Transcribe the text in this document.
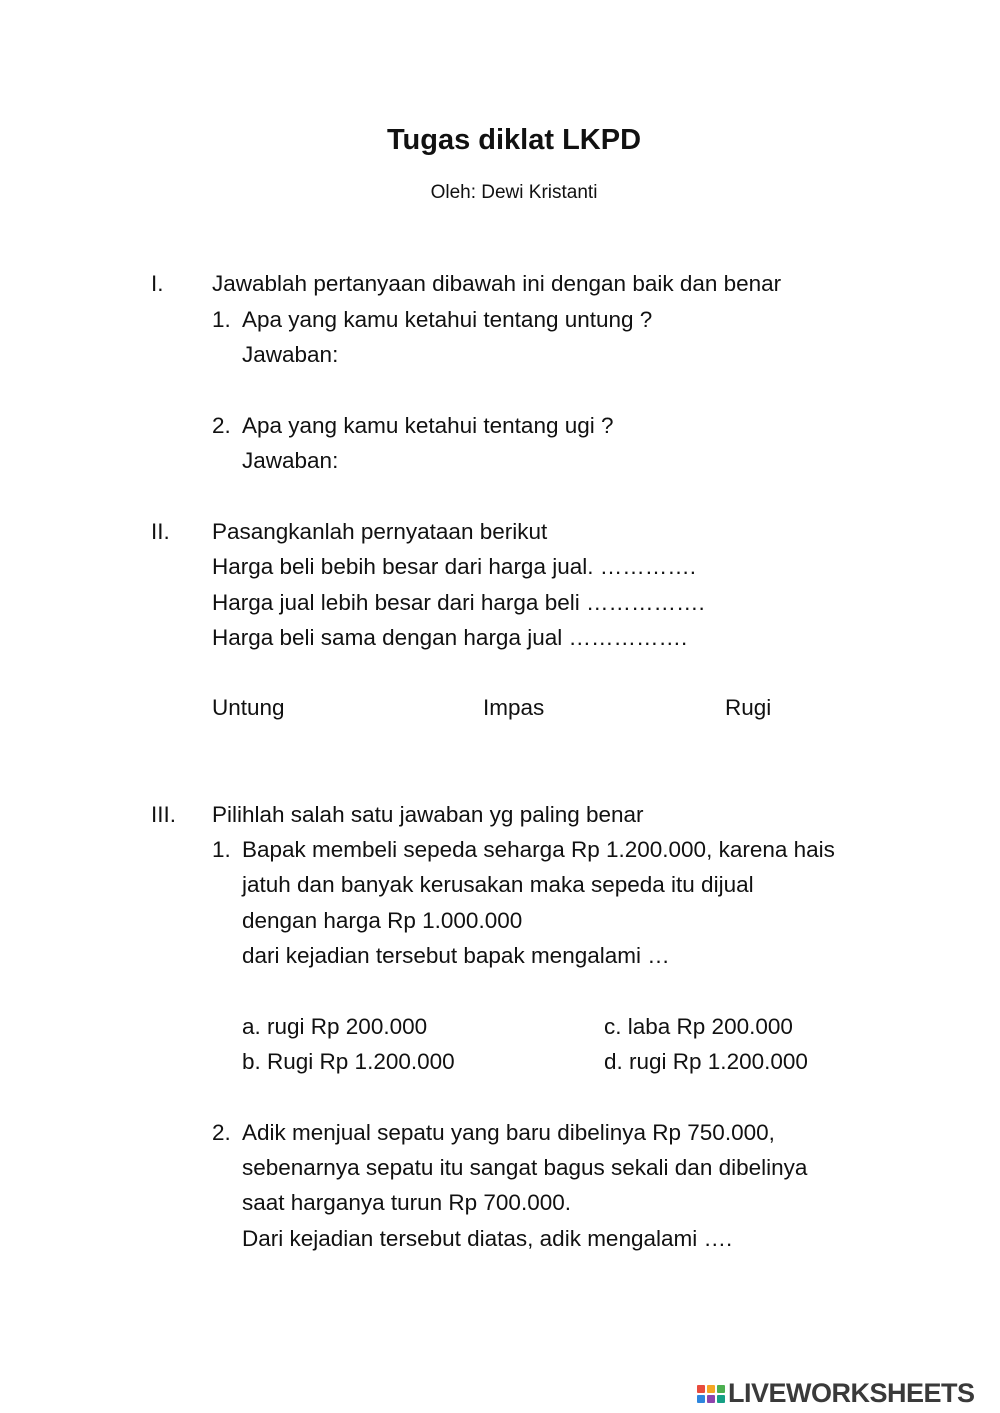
Tugas diklat LKPD
Oleh: Dewi Kristanti
I. Jawablah pertanyaan dibawah ini dengan baik dan benar
1. Apa yang kamu ketahui tentang untung ?
Jawaban:
2. Apa yang kamu ketahui tentang ugi ?
Jawaban:
II. Pasangkanlah pernyataan berikut
Harga beli bebih besar dari harga jual. ………….
Harga jual lebih besar dari harga beli …………….
Harga beli sama dengan harga jual …………….
Untung	Impas	Rugi
III. Pilihlah salah satu jawaban yg paling benar
1. Bapak membeli sepeda seharga Rp 1.200.000, karena hais
jatuh dan banyak kerusakan maka sepeda itu dijual
dengan harga Rp 1.000.000
dari kejadian tersebut bapak mengalami …
a. rugi Rp 200.000	c. laba Rp 200.000
b. Rugi Rp 1.200.000	d. rugi Rp 1.200.000
2. Adik menjual sepatu yang baru dibelinya Rp 750.000,
sebenarnya sepatu itu sangat bagus sekali dan dibelinya
saat harganya turun Rp 700.000.
Dari kejadian tersebut diatas, adik mengalami ….
LIVEWORKSHEETS
